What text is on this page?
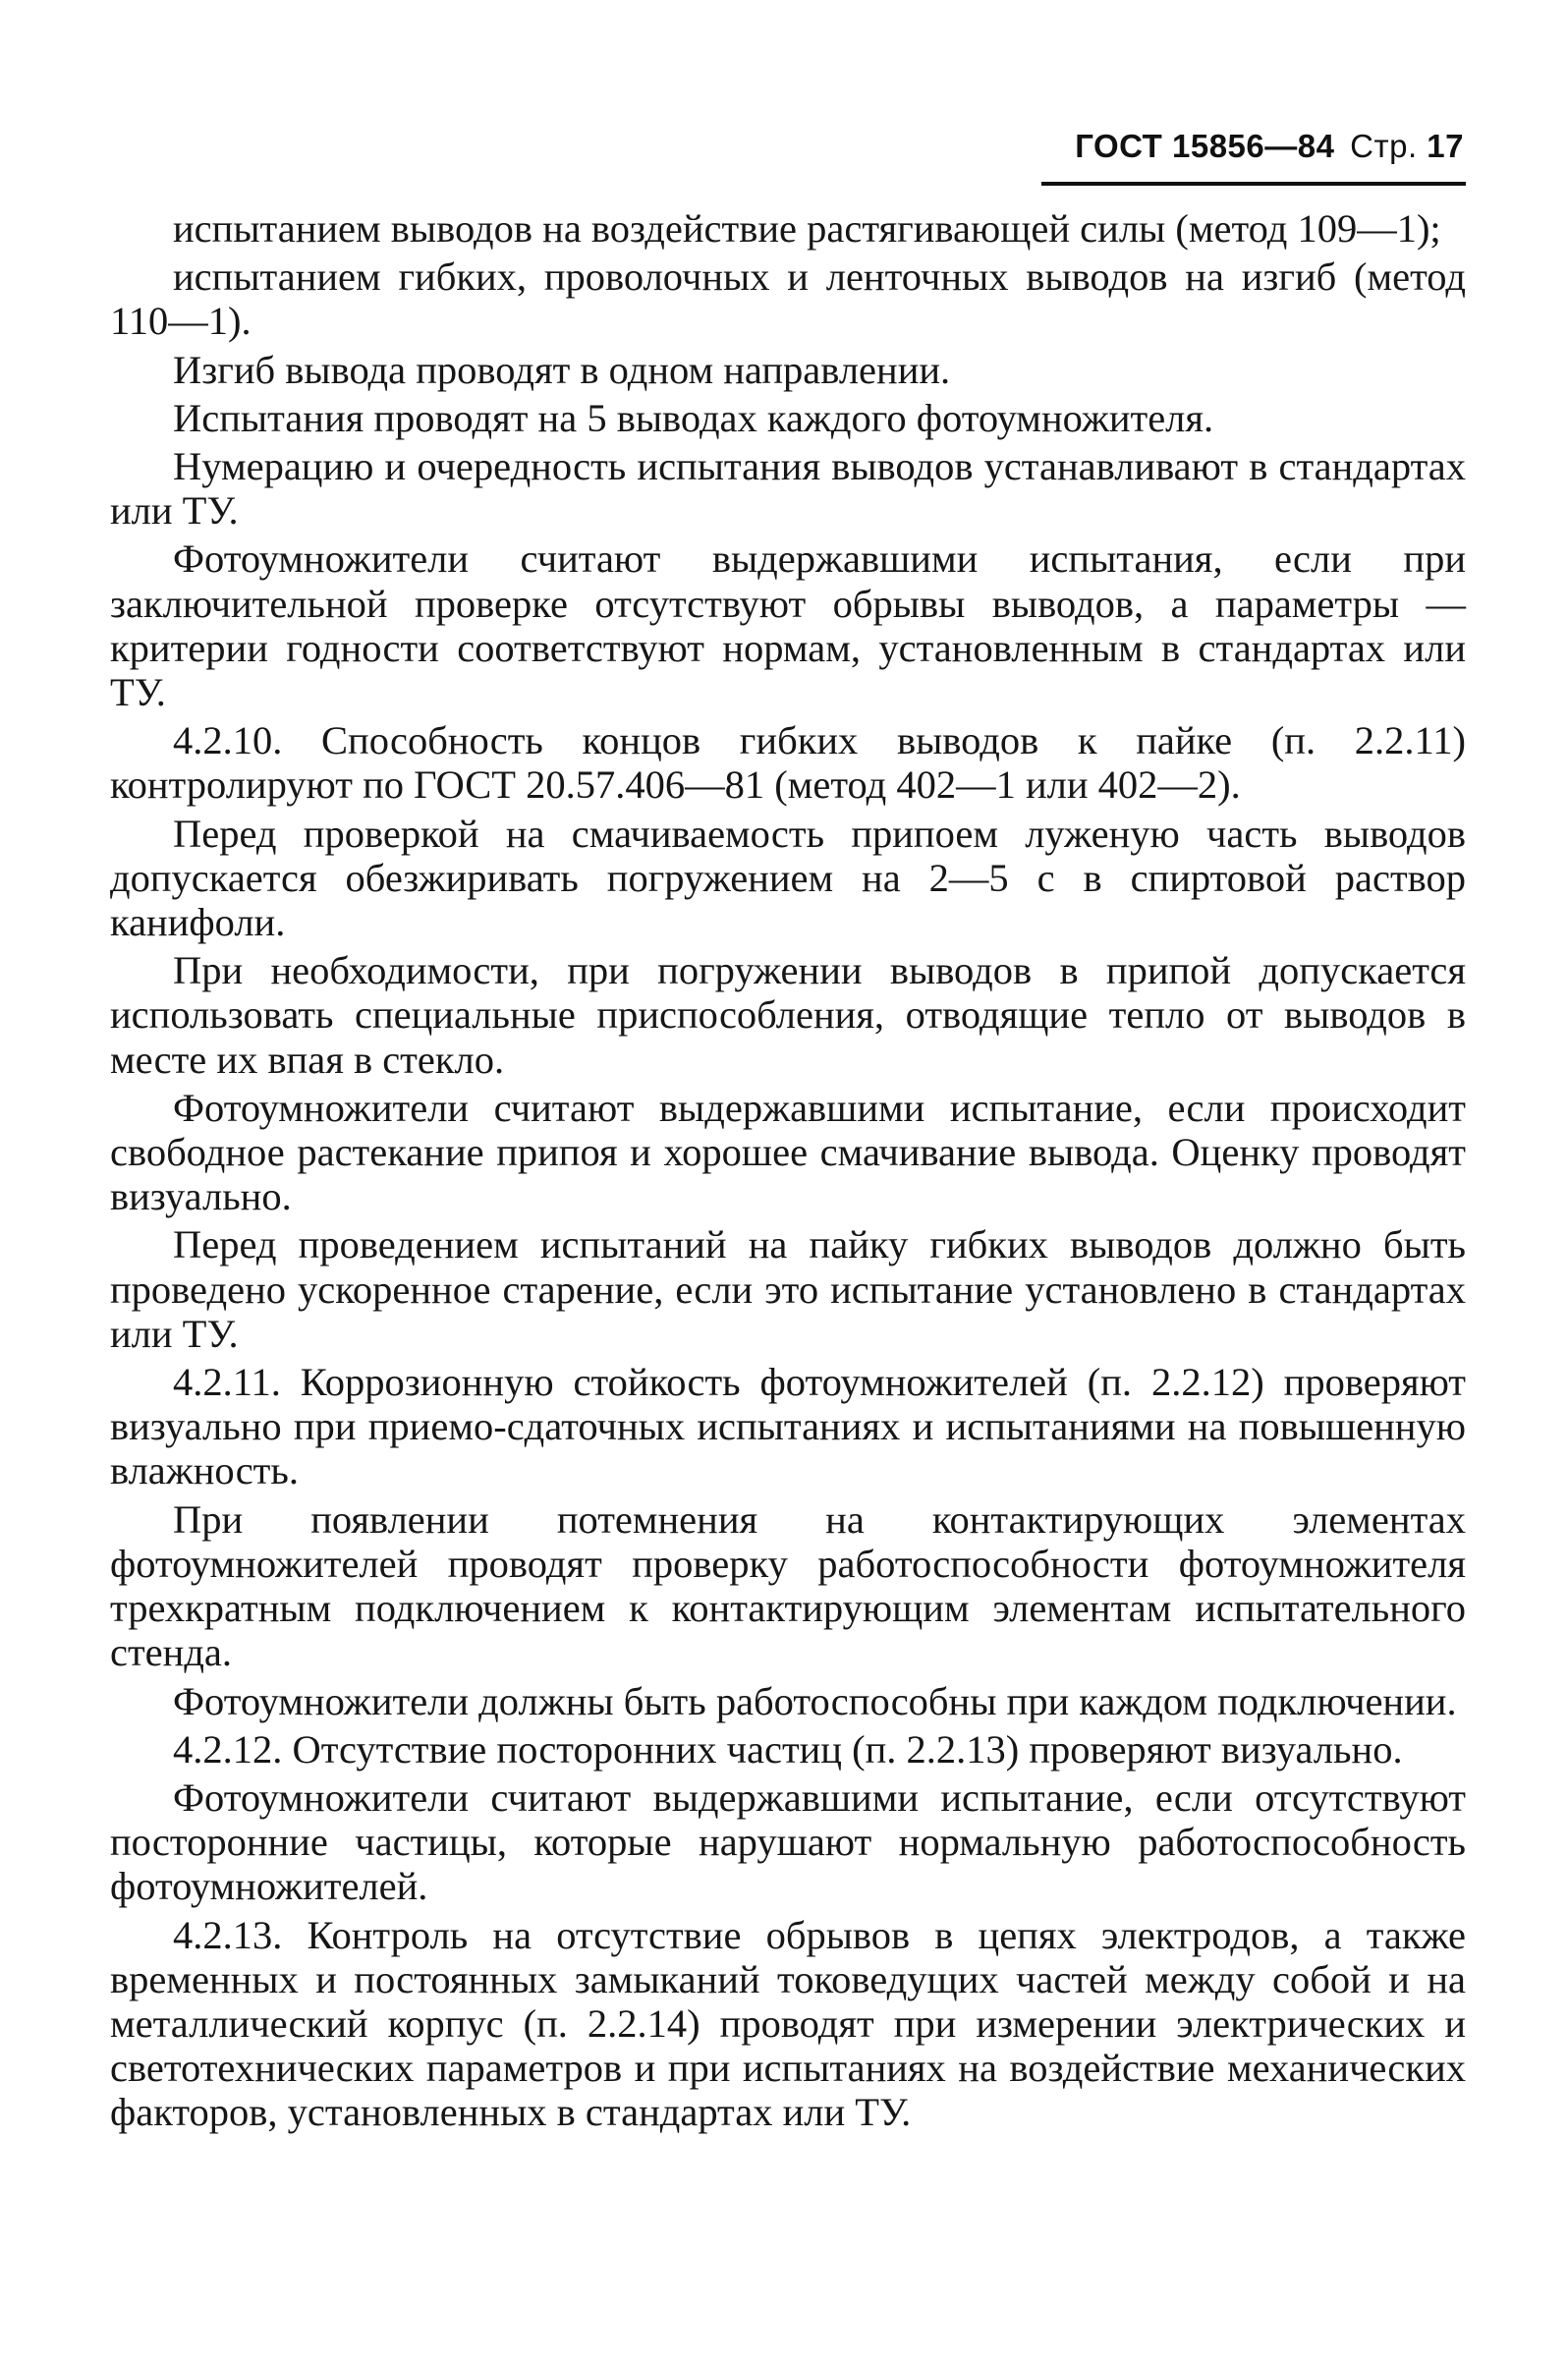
ГОСТ 15856—84 Стр. 17

испытанием выводов на воздействие растягивающей силы (метод 109—1);

испытанием гибких, проволочных и ленточных выводов на изгиб (метод 110—1).

Изгиб вывода проводят в одном направлении.

Испытания проводят на 5 выводах каждого фотоумножителя.

Нумерацию и очередность испытания выводов устанавливают в стандартах или ТУ.

Фотоумножители считают выдержавшими испытания, если при заключительной проверке отсутствуют обрывы выводов, а параметры — критерии годности соответствуют нормам, установленным в стандартах или ТУ.

4.2.10. Способность концов гибких выводов к пайке (п. 2.2.11) контролируют по ГОСТ 20.57.406—81 (метод 402—1 или 402—2).

Перед проверкой на смачиваемость припоем луженую часть выводов допускается обезжиривать погружением на 2—5 с в спиртовой раствор канифоли.

При необходимости, при погружении выводов в припой допускается использовать специальные приспособления, отводящие тепло от выводов в месте их впая в стекло.

Фотоумножители считают выдержавшими испытание, если происходит свободное растекание припоя и хорошее смачивание вывода. Оценку проводят визуально.

Перед проведением испытаний на пайку гибких выводов должно быть проведено ускоренное старение, если это испытание установлено в стандартах или ТУ.

4.2.11. Коррозионную стойкость фотоумножителей (п. 2.2.12) проверяют визуально при приемо-сдаточных испытаниях и испытаниями на повышенную влажность.

При появлении потемнения на контактирующих элементах фотоумножителей проводят проверку работоспособности фотоумножителя трехкратным подключением к контактирующим элементам испытательного стенда.

Фотоумножители должны быть работоспособны при каждом подключении.

4.2.12. Отсутствие посторонних частиц (п. 2.2.13) проверяют визуально.

Фотоумножители считают выдержавшими испытание, если отсутствуют посторонние частицы, которые нарушают нормальную работоспособность фотоумножителей.

4.2.13. Контроль на отсутствие обрывов в цепях электродов, а также временных и постоянных замыканий токоведущих частей между собой и на металлический корпус (п. 2.2.14) проводят при измерении электрических и светотехнических параметров и при испытаниях на воздействие механических факторов, установленных в стандартах или ТУ.
